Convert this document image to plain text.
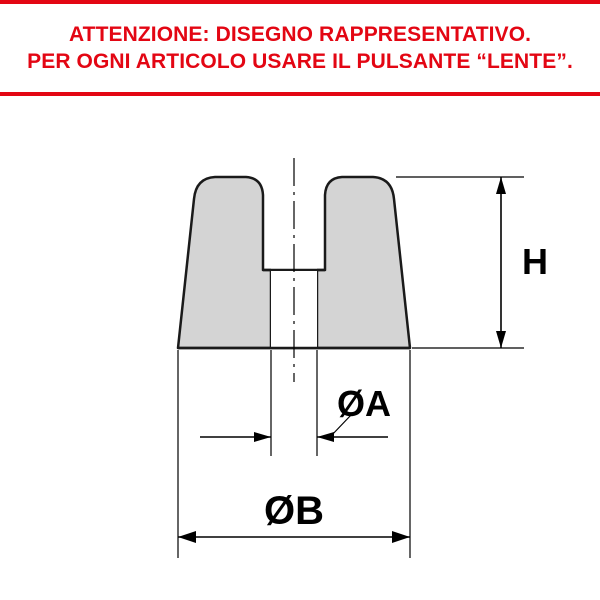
ATTENZIONE: DISEGNO RAPPRESENTATIVO.
PER OGNI ARTICOLO USARE IL PULSANTE “LENTE”.
H
ØA
ØB
